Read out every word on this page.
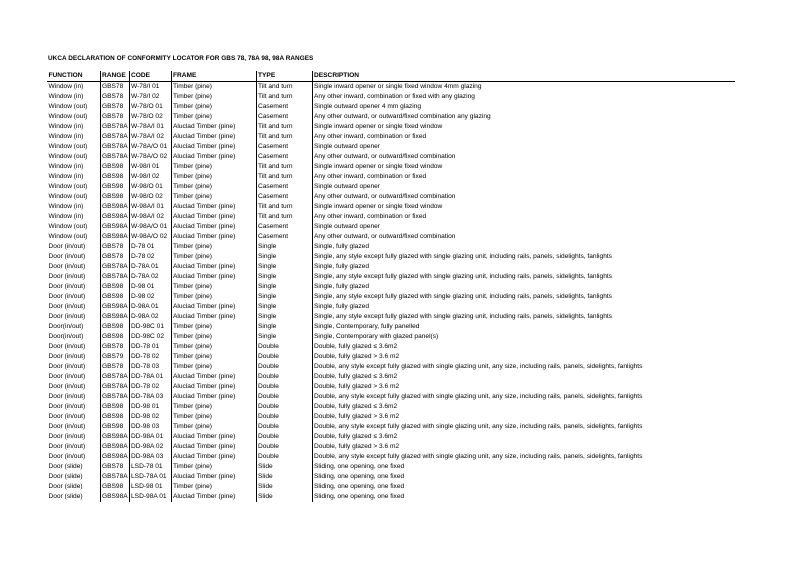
UKCA DECLARATION OF CONFORMITY LOCATOR FOR GBS 78, 78A 98, 98A RANGES
FUNCTION	RANGE	CODE	FRAME	TYPE	DESCRIPTION
Window (in)	GBS78	W-78/I 01	Timber (pine)	Tilt and turn	Single inward opener or single fixed window 4mm glazing
Window (in)	GBS78	W-78/I 02	Timber (pine)	Tilt and turn	Any other inward, combination or fixed with any glazing
Window (out)	GBS78	W-78/O 01	Timber (pine)	Casement	Single outward opener 4 mm glazing
Window (out)	GBS78	W-78/O 02	Timber (pine)	Casement	Any other outward, or outward/fixed combination any glazing
Window (in)	GBS78A	W-78A/I 01	Aluclad Timber (pine)	Tilt and turn	Single inward opener or single fixed window
Window (in)	GBS78A	W-78A/I 02	Aluclad Timber (pine)	Tilt and turn	Any other inward, combination or fixed
Window (out)	GBS78A	W-78A/O 01	Aluclad Timber (pine)	Casement	Single outward opener
Window (out)	GBS78A	W-78A/O 02	Aluclad Timber (pine)	Casement	Any other outward, or outward/fixed combination
Window (in)	GBS98	W-98/I 01	Timber (pine)	Tilt and turn	Single inward opener or single fixed window
Window (in)	GBS98	W-98/I 02	Timber (pine)	Tilt and turn	Any other inward, combination or fixed
Window (out)	GBS98	W-98/O 01	Timber (pine)	Casement	Single outward opener
Window (out)	GBS98	W-98/O 02	Timber (pine)	Casement	Any other outward, or outward/fixed combination
Window (in)	GBS98A	W-98A/I 01	Aluclad Timber (pine)	Tilt and turn	Single inward opener or single fixed window
Window (in)	GBS98A	W-98A/I 02	Aluclad Timber (pine)	Tilt and turn	Any other inward, combination or fixed
Window (out)	GBS98A	W-98A/O 01	Aluclad Timber (pine)	Casement	Single outward opener
Window (out)	GBS98A	W-98A/O 02	Aluclad Timber (pine)	Casement	Any other outward, or outward/fixed combination
Door (in/out)	GBS78	D-78 01	Timber (pine)	Single	Single, fully glazed
Door (in/out)	GBS78	D-78 02	Timber (pine)	Single	Single, any style except fully glazed with single glazing unit, including rails, panels, sidelights, fanlights
Door (in/out)	GBS78A	D-78A 01	Aluclad Timber (pine)	Single	Single, fully glazed
Door (in/out)	GBS78A	D-78A 02	Aluclad Timber (pine)	Single	Single, any style except fully glazed with single glazing unit, including rails, panels, sidelights, fanlights
Door (in/out)	GBS98	D-98 01	Timber (pine)	Single	Single, fully glazed
Door (in/out)	GBS98	D-98 02	Timber (pine)	Single	Single, any style except fully glazed with single glazing unit, including rails, panels, sidelights, fanlights
Door (in/out)	GBS98A	D-98A 01	Aluclad Timber (pine)	Single	Single, fully glazed
Door (in/out)	GBS98A	D-98A 02	Aluclad Timber (pine)	Single	Single, any style except fully glazed with single glazing unit, including rails, panels, sidelights, fanlights
Door(in/out)	GBS98	DD-98C 01	Timber (pine)	Single	Single, Contemporary, fully panelled
Door(in/out)	GBS98	DD-98C 02	Timber (pine)	Single	Single, Contemporary with glazed panel(s)
Door (in/out)	GBS78	DD-78 01	Timber (pine)	Double	Double, fully glazed ≤ 3.6m2
Door (in/out)	GBS79	DD-78 02	Timber (pine)	Double	Double, fully glazed > 3.6 m2
Door (in/out)	GBS78	DD-78 03	Timber (pine)	Double	Double, any style except fully glazed with single glazing unit, any size, including rails, panels, sidelights, fanlights
Door (in/out)	GBS78A	DD-78A 01	Aluclad Timber (pine)	Double	Double, fully glazed ≤ 3.6m2
Door (in/out)	GBS78A	DD-78 02	Aluclad Timber (pine)	Double	Double, fully glazed > 3.6 m2
Door (in/out)	GBS78A	DD-78A 03	Aluclad Timber (pine)	Double	Double, any style except fully glazed with single glazing unit, any size, including rails, panels, sidelights, fanlights
Door (in/out)	GBS98	DD-98 01	Timber (pine)	Double	Double, fully glazed ≤ 3.6m2
Door (in/out)	GBS98	DD-98 02	Timber (pine)	Double	Double, fully glazed > 3.6 m2
Door (in/out)	GBS98	DD-98 03	Timber (pine)	Double	Double, any style except fully glazed with single glazing unit, any size, including rails, panels, sidelights, fanlights
Door (in/out)	GBS98A	DD-98A 01	Aluclad Timber (pine)	Double	Double, fully glazed ≤ 3.6m2
Door (in/out)	GBS98A	DD-98A 02	Aluclad Timber (pine)	Double	Double, fully glazed > 3.6 m2
Door (in/out)	GBS98A	DD-98A 03	Aluclad Timber (pine)	Double	Double, any style except fully glazed with single glazing unit, any size, including rails, panels, sidelights, fanlights
Door (slide)	GBS78	LSD-78 01	Timber (pine)	Slide	Sliding, one opening, one fixed
Door (slide)	GBS78A	LSD-78A 01	Aluclad Timber (pine)	Slide	Sliding, one opening, one fixed
Door (slide)	GBS98	LSD-98 01	Timber (pine)	Slide	Sliding, one opening, one fixed
Door (slide)	GBS98A	LSD-98A 01	Aluclad Timber (pine)	Slide	Sliding, one opening, one fixed
